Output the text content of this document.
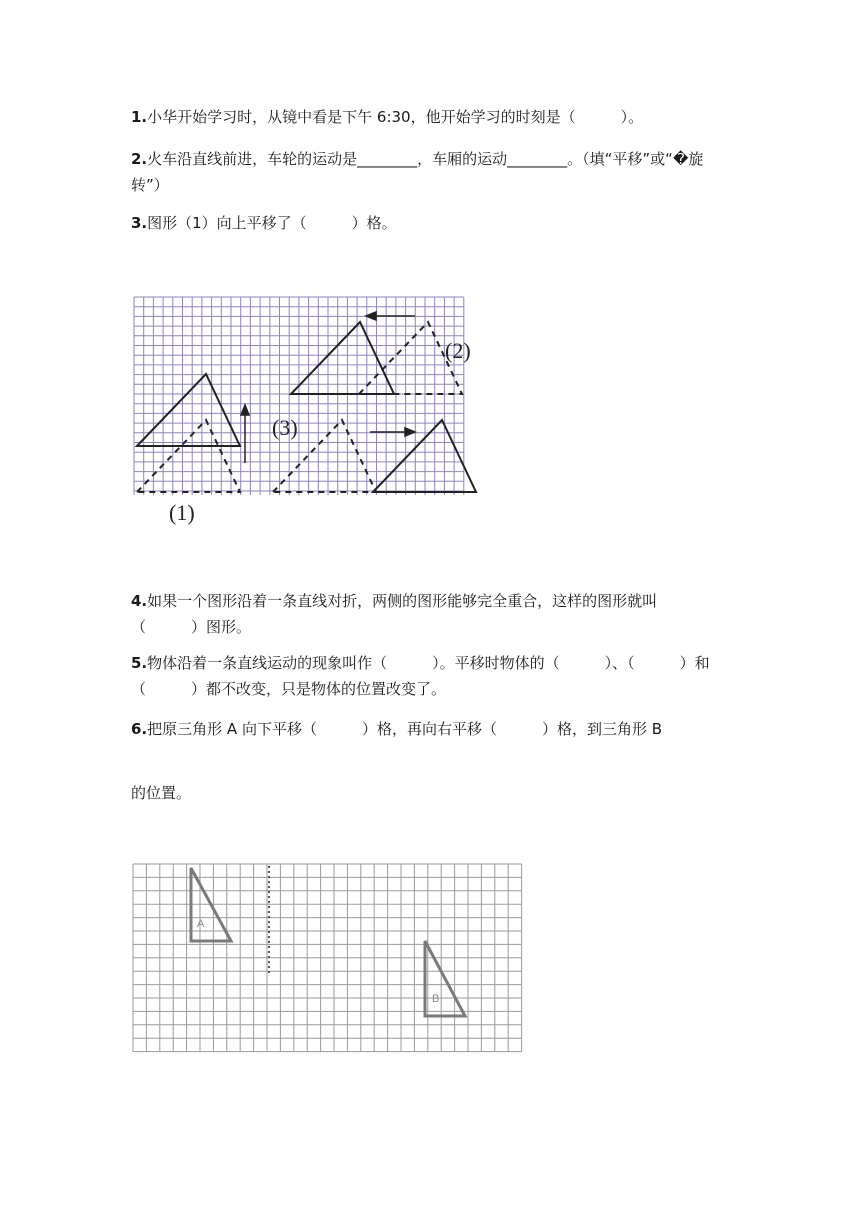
1.小华开始学习时，从镜中看是下午 6:30，他开始学习的时刻是（　　　）。
2.火车沿直线前进，车轮的运动是________，车厢的运动________。（填“平移”或“�旋转”）
3.图形（1）向上平移了（　　　）格。
(1)
(2)
(3)
4.如果一个图形沿着一条直线对折，两侧的图形能够完全重合，这样的图形就叫（　　　）图形。
5.物体沿着一条直线运动的现象叫作（　　　）。平移时物体的（　　　）、（　　　）和（　　　）都不改变，只是物体的位置改变了。
6.把原三角形 A 向下平移（　　　）格，再向右平移（　　　）格，到三角形 B
的位置。
A
B
